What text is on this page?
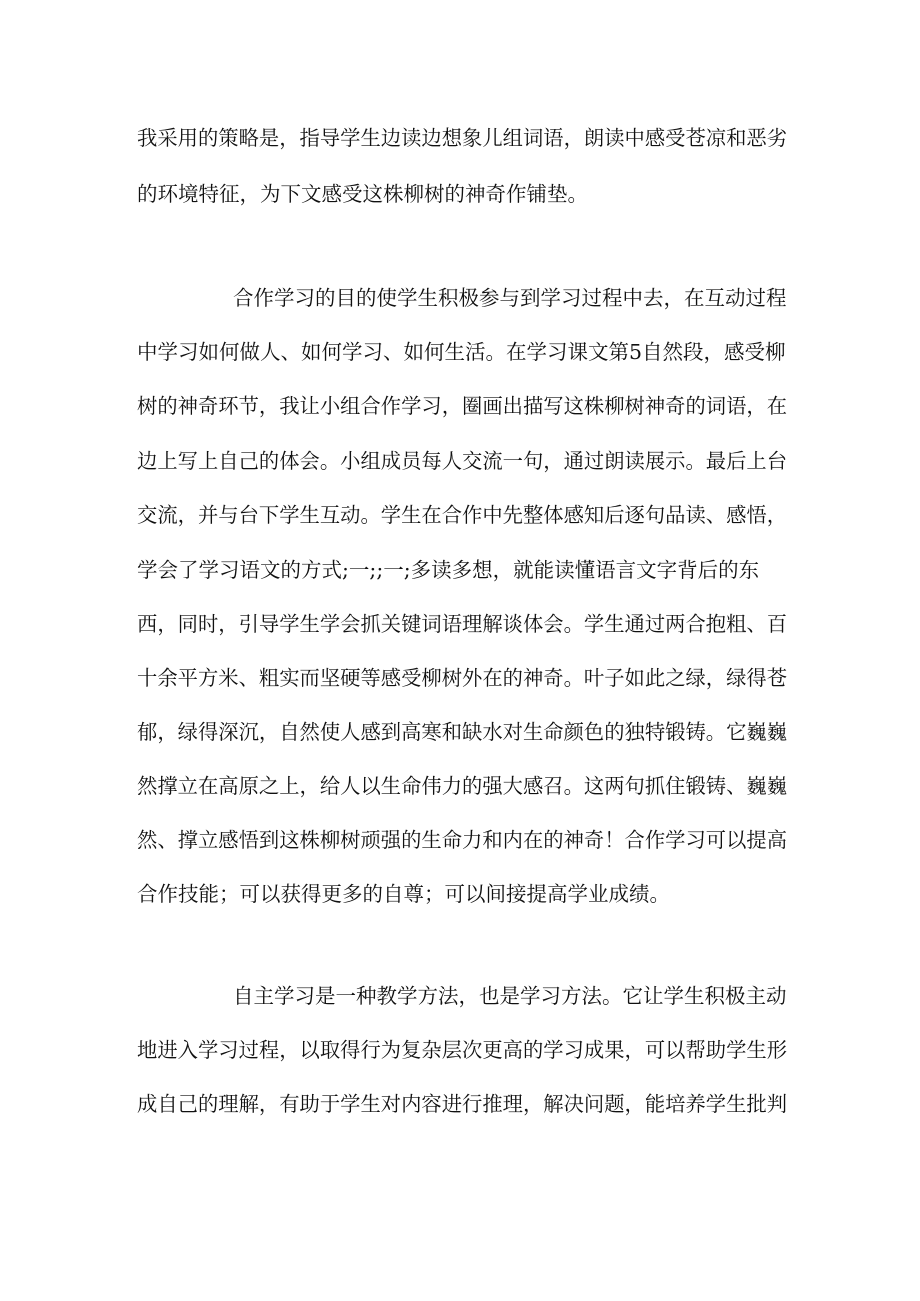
我采用的策略是，指导学生边读边想象儿组词语，朗读中感受苍凉和恶劣
的环境特征，为下文感受这株柳树的神奇作铺垫。
合作学习的目的使学生积极参与到学习过程中去，在互动过程
中学习如何做人、如何学习、如何生活。在学习课文第5自然段，感受柳
树的神奇环节，我让小组合作学习，圈画出描写这株柳树神奇的词语，在
边上写上自己的体会。小组成员每人交流一句，通过朗读展示。最后上台
交流，并与台下学生互动。学生在合作中先整体感知后逐句品读、感悟，
学会了学习语文的方式;一;;一;多读多想，就能读懂语言文字背后的东
西，同时，引导学生学会抓关键词语理解谈体会。学生通过两合抱粗、百
十余平方米、粗实而坚硬等感受柳树外在的神奇。叶子如此之绿，绿得苍
郁，绿得深沉，自然使人感到高寒和缺水对生命颜色的独特锻铸。它巍巍
然撑立在高原之上，给人以生命伟力的强大感召。这两句抓住锻铸、巍巍
然、撑立感悟到这株柳树顽强的生命力和内在的神奇！合作学习可以提高
合作技能；可以获得更多的自尊；可以间接提高学业成绩。
自主学习是一种教学方法，也是学习方法。它让学生积极主动
地进入学习过程，以取得行为复杂层次更高的学习成果，可以帮助学生形
成自己的理解，有助于学生对内容进行推理，解决问题，能培养学生批判
